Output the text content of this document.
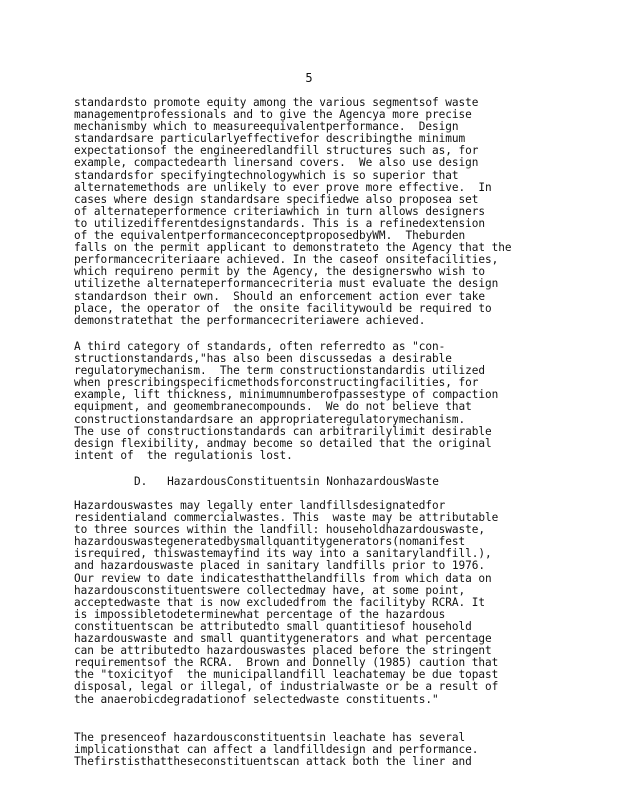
5

standardsto promote equity among the various segmentsof waste
managementprofessionals and to give the Agencya more precise
mechanismby which to measureequivalentperformance.  Design
standardsare particularlyeffectivefor describingthe minimum
expectationsof the engineeredlandfill structures such as, for
example, compactedearth linersand covers.  We also use design
standardsfor specifyingtechnologywhich is so superior that
alternatemethods are unlikely to ever prove more effective.  In
cases where design standardsare specifiedwe also proposea set
of alternateperformence criteriawhich in turn allows designers
to utilizedifferentdesignstandards. This is a refinedextension
of the equivalentperformanceconceptproposedbyWM.  Theburden
falls on the permit applicant to demonstrateto the Agency that the
performancecriteriaare achieved. In the caseof onsitefacilities,
which requireno permit by the Agency, the designerswho wish to
utilizethe alternateperformancecriteria must evaluate the design
standardson their own.  Should an enforcement action ever take
place, the operator of  the onsite facilitywould be required to
demonstratethat the performancecriteriawere achieved.

A third category of standards, often referredto as "con-
structionstandards,"has also been discussedas a desirable
regulatorymechanism.  The term constructionstandardis utilized
when prescribingspecificmethodsforconstructingfacilities, for
example, lift thickness, minimumnumberofpassestype of compaction
equipment, and geomembranecompounds.  We do not believe that
constructionstandardsare an appropriateregulatorymechanism.
The use of constructionstandards can arbitrarilylimit desirable
design flexibility, andmay become so detailed that the original
intent of  the regulationis lost.

D.   HazardousConstituentsin NonhazardousWaste

Hazardouswastes may legally enter landfillsdesignatedfor
residentialand commercialwastes. This  waste may be attributable
to three sources within the landfill: householdhazardouswaste,
hazardouswastegeneratedbysmallquantitygenerators(nomanifest
isrequired, thiswastemayfind its way into a sanitarylandfill.),
and hazardouswaste placed in sanitary landfills prior to 1976.
Our review to date indicatesthatthelandfills from which data on
hazardousconstituentswere collectedmay have, at some point,
acceptedwaste that is now excludedfrom the facilityby RCRA. It
is impossibletodeterminewhat percentage of the hazardous
constituentscan be attributedto small quantitiesof household
hazardouswaste and small quantitygenerators and what percentage
can be attributedto hazardouswastes placed before the stringent
requirementsof the RCRA.  Brown and Donnelly (1985) caution that
the "toxicityof  the municipallandfill leachatemay be due topast
disposal, legal or illegal, of industrialwaste or be a result of
the anaerobicdegradationof selectedwaste constituents."

The presenceof hazardousconstituentsin leachate has several
implicationsthat can affect a landfilldesign and performance.
Thefirstisthattheseconstituentscan attack both the liner and
